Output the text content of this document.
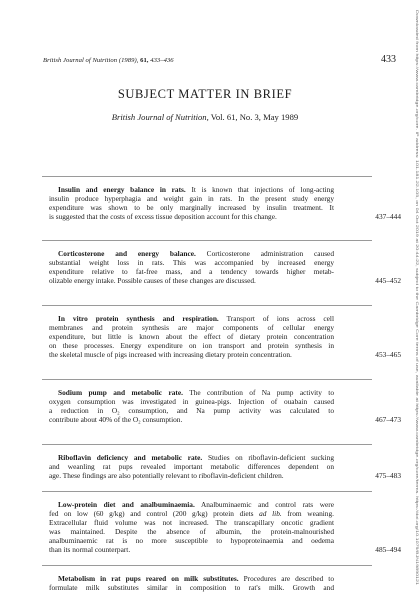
British Journal of Nutrition (1989), 61, 433–436	433
SUBJECT MATTER IN BRIEF
British Journal of Nutrition, Vol. 61, No. 3, May 1989
Insulin and energy balance in rats. It is known that injections of long-acting
insulin produce hyperphagia and weight gain in rats. In the present study energy
expenditure was shown to be only marginally increased by insulin treatment. It
is suggested that the costs of excess tissue deposition account for this change.	437–444
Corticosterone and energy balance. Corticosterone administration caused
substantial weight loss in rats. This was accompanied by increased energy
expenditure relative to fat-free mass, and a tendency towards higher metab-
olizable energy intake. Possible causes of these changes are discussed.	445–452
In vitro protein synthesis and respiration. Transport of ions across cell
membranes and protein synthesis are major components of cellular energy
expenditure, but little is known about the effect of dietary protein concentration
on these processes. Energy expenditure on ion transport and protein synthesis in
the skeletal muscle of pigs increased with increasing dietary protein concentration.	453–465
Sodium pump and metabolic rate. The contribution of Na pump activity to
oxygen consumption was investigated in guinea-pigs. Injection of ouabain caused
a reduction in O₂ consumption, and Na pump activity was calculated to
contribute about 40% of the O₂ consumption.	467–473
Riboflavin deficiency and metabolic rate. Studies on riboflavin-deficient sucking
and weanling rat pups revealed important metabolic differences dependent on
age. These findings are also potentially relevant to riboflavin-deficient children.	475–483
Low-protein diet and analbuminaemia. Analbuminaemic and control rats were
fed on low (60 g/kg) and control (200 g/kg) protein diets ad lib. from weaning.
Extracellular fluid volume was not increased. The transcapillary oncotic gradient
was maintained. Despite the absence of albumin, the protein-malnourished
analbuminaemic rat is no more susceptible to hypoproteinaemia and oedema
than its normal counterpart.	485–494
Metabolism in rat pups reared on milk substitutes. Procedures are described to
formulate milk substitutes similar in composition to rat's milk. Growth and
Downloaded from https://www.cambridge.org/core. IP address: 101.181.22.105, on 04 Oct 2019 at 20:44:22, subject to the Cambridge Core terms of use, available at https://www.cambridge.org/core/terms. https://doi.org/10.1079/BJN19890121
